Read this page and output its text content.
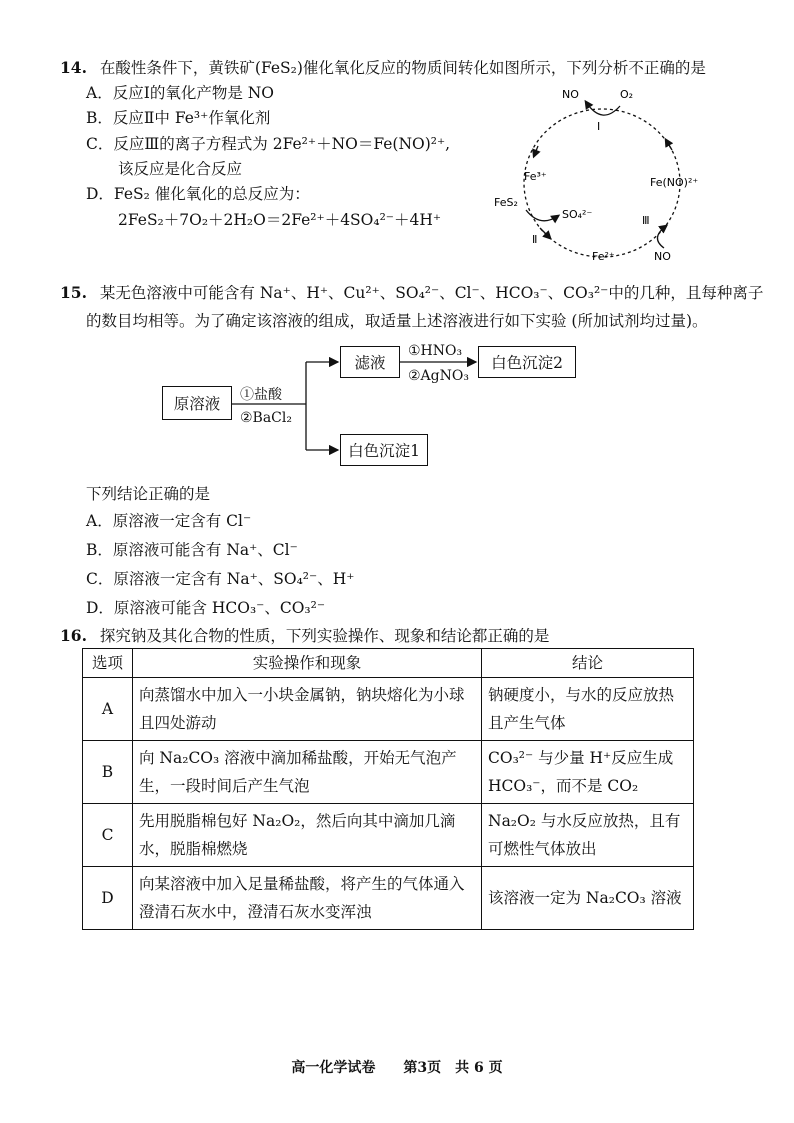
14. 在酸性条件下，黄铁矿(FeS₂)催化氧化反应的物质间转化如图所示，下列分析不正确的是
A．反应Ⅰ的氧化产物是 NO
B．反应Ⅱ中 Fe³⁺作氧化剂
C．反应Ⅲ的离子方程式为 2Fe²⁺＋NO＝Fe(NO)²⁺,
该反应是化合反应
D．FeS₂ 催化氧化的总反应为：
2FeS₂＋7O₂＋2H₂O＝2Fe²⁺＋4SO₄²⁻＋4H⁺
NO	O₂
Ⅰ
Fe³⁺	Fe(NO)²⁺
FeS₂
SO₄²⁻
Ⅱ
Ⅲ
Fe²⁺	NO
15. 某无色溶液中可能含有 Na⁺、H⁺、Cu²⁺、SO₄²⁻、Cl⁻、HCO₃⁻、CO₃²⁻中的几种，且每种离子
的数目均相等。为了确定该溶液的组成，取适量上述溶液进行如下实验 (所加试剂均过量)。
原溶液	①盐酸
②BaCl₂
滤液
①HNO₃
②AgNO₃
白色沉淀2
白色沉淀1
下列结论正确的是
A．原溶液一定含有 Cl⁻
B．原溶液可能含有 Na⁺、Cl⁻
C．原溶液一定含有 Na⁺、SO₄²⁻、H⁺
D．原溶液可能含 HCO₃⁻、CO₃²⁻
16. 探究钠及其化合物的性质，下列实验操作、现象和结论都正确的是
选项	实验操作和现象	结论
A	向蒸馏水中加入一小块金属钠，钠块熔化为小球且四处游动	钠硬度小，与水的反应放热且产生气体
B	向 Na₂CO₃ 溶液中滴加稀盐酸，开始无气泡产生，一段时间后产生气泡	CO₃²⁻ 与少量 H⁺反应生成 HCO₃⁻，而不是 CO₂
C	先用脱脂棉包好 Na₂O₂，然后向其中滴加几滴水，脱脂棉燃烧	Na₂O₂ 与水反应放热，且有可燃性气体放出
D	向某溶液中加入足量稀盐酸，将产生的气体通入澄清石灰水中，澄清石灰水变浑浊	该溶液一定为 Na₂CO₃ 溶液
高一化学试卷　　第3页　共 6 页
